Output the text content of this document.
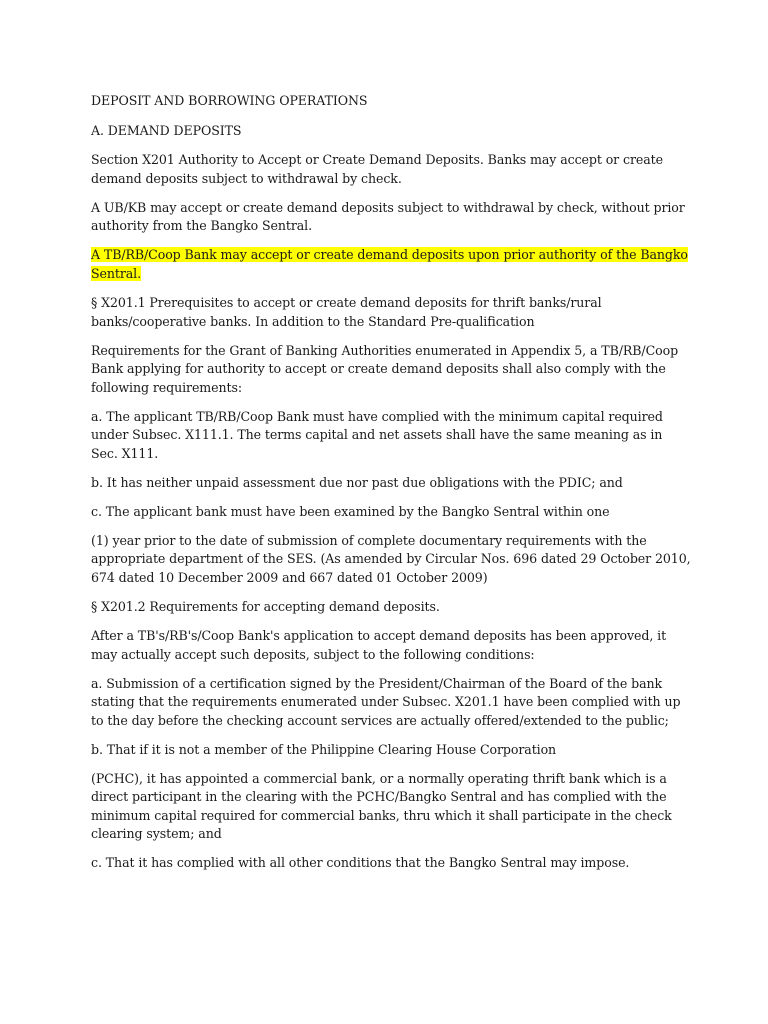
DEPOSIT AND BORROWING OPERATIONS

A. DEMAND DEPOSITS

Section X201 Authority to Accept or Create Demand Deposits. Banks may accept or create demand deposits subject to withdrawal by check.

A UB/KB may accept or create demand deposits subject to withdrawal by check, without prior authority from the Bangko Sentral.

A TB/RB/Coop Bank may accept or create demand deposits upon prior authority of the Bangko Sentral.

§ X201.1 Prerequisites to accept or create demand deposits for thrift banks/rural banks/cooperative banks. In addition to the Standard Pre-qualification

Requirements for the Grant of Banking Authorities enumerated in Appendix 5, a TB/RB/Coop Bank applying for authority to accept or create demand deposits shall also comply with the following requirements:

a. The applicant TB/RB/Coop Bank must have complied with the minimum capital required under Subsec. X111.1. The terms capital and net assets shall have the same meaning as in Sec. X111.

b. It has neither unpaid assessment due nor past due obligations with the PDIC; and

c. The applicant bank must have been examined by the Bangko Sentral within one

(1) year prior to the date of submission of complete documentary requirements with the appropriate department of the SES. (As amended by Circular Nos. 696 dated 29 October 2010, 674 dated 10 December 2009 and 667 dated 01 October 2009)

§ X201.2 Requirements for accepting demand deposits.

After a TB's/RB's/Coop Bank's application to accept demand deposits has been approved, it may actually accept such deposits, subject to the following conditions:

a. Submission of a certification signed by the President/Chairman of the Board of the bank stating that the requirements enumerated under Subsec. X201.1 have been complied with up to the day before the checking account services are actually offered/extended to the public;

b. That if it is not a member of the Philippine Clearing House Corporation

(PCHC), it has appointed a commercial bank, or a normally operating thrift bank which is a direct participant in the clearing with the PCHC/Bangko Sentral and has complied with the minimum capital required for commercial banks, thru which it shall participate in the check clearing system; and

c. That it has complied with all other conditions that the Bangko Sentral may impose.
